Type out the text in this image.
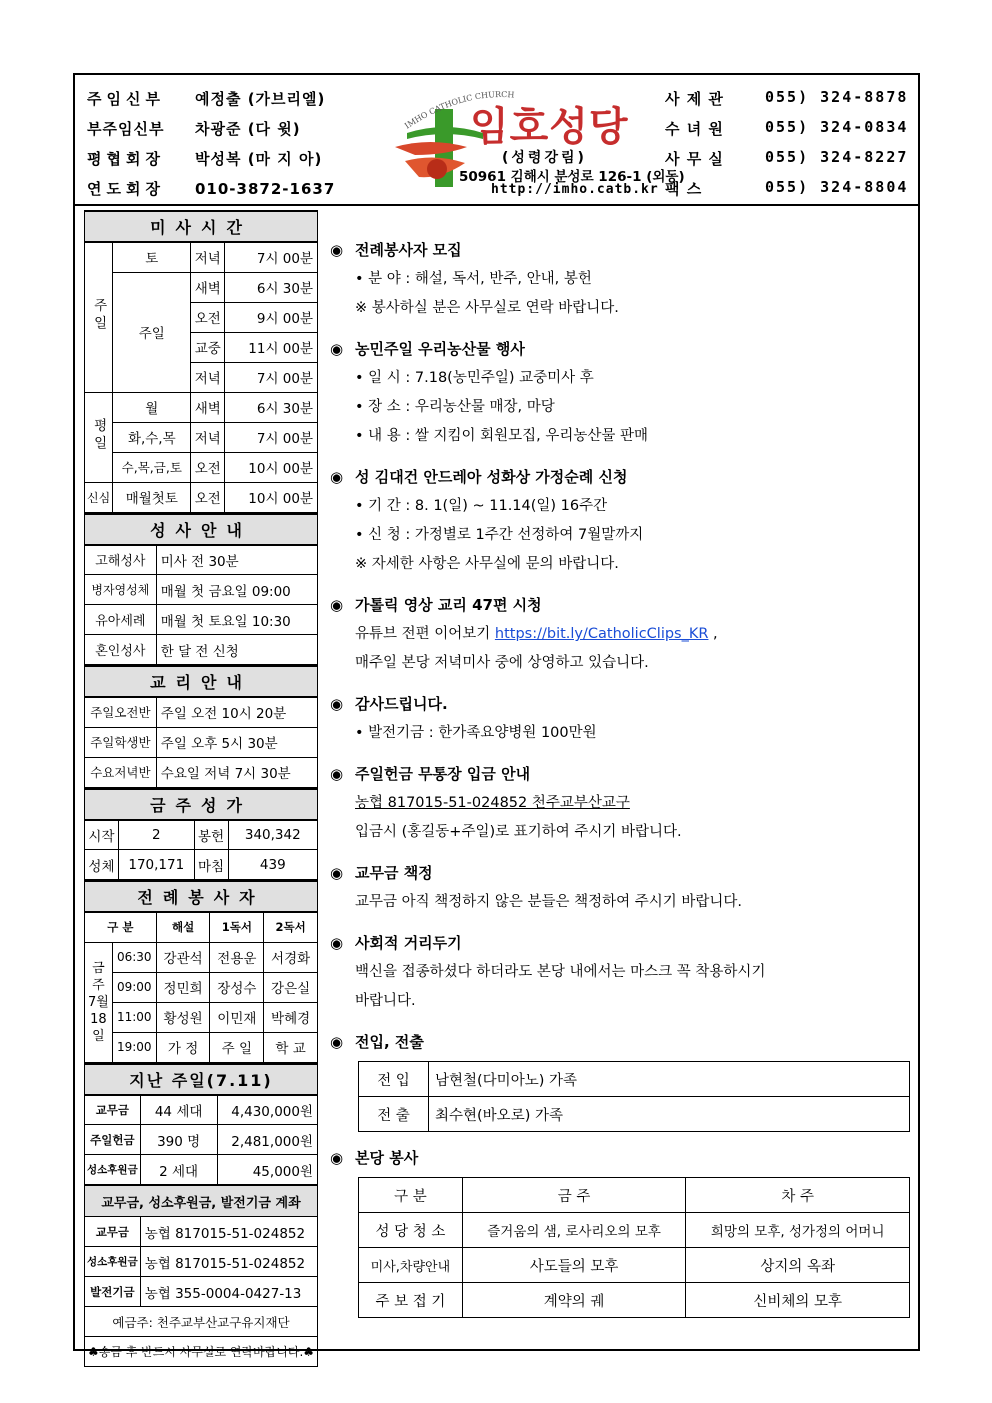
주임신부 예정출 (가브리엘)
부주임신부 차광준 (다 윗)
평협회장 박성복 (마 지 아)
연도회장 010-3872-1637
IMHO CATHOLIC CHURCH
임호성당
(성령강림)
50961 김해시 분성로 126-1 (외동)
http://imho.catb.kr
사 제 관	055) 324-8878
수 녀 원	055) 324-0834
사 무 실	055) 324-8227
팩 스	055) 324-8804
미사시간			
주일	토	저녁	7시 00분
	주일	새벽	6시 30분
		오전	9시 00분
		교중	11시 00분
		저녁	7시 00분
평일	월	새벽	6시 30분
	화,수,목	저녁	7시 00분
	수,목,금,토	오전	10시 00분
신심	매월첫토	오전	10시 00분
성사안내	
고해성사	미사 전 30분
병자영성체	매월 첫 금요일 09:00
유아세례	매월 첫 토요일 10:30
혼인성사	한 달 전 신청
교리안내	
주일오전반	주일 오전 10시 20분
주일학생반	주일 오후 5시 30분
수요저녁반	수요일 저녁 7시 30분
금주성가			
시작	2	봉헌	340,342
성체	170,171	마침	439
전례봉사자				
구 분		해설	1독서	2독서
금주 7월 18일	06:30	강관석	전용운	서경화
	09:00	정민희	장성수	강은실
	11:00	황성원	이민재	박혜경
	19:00	가 정	주 일	학 교
지난 주일(7.11)		
교무금	44 세대	4,430,000원
주일헌금	390 명	2,481,000원
성소후원금	2 세대	45,000원
교무금, 성소후원금, 발전기금 계좌	
교무금	농협 817015-51-024852
성소후원금	농협 817015-51-024852
발전기금	농협 355-0004-0427-13
예금주: 천주교부산교구유지재단	
♣송금 후 반드시 사무실로 연락바랍니다.♣	
◉ 전례봉사자 모집
• 분 야 : 해설, 독서, 반주, 안내, 봉헌
※ 봉사하실 분은 사무실로 연락 바랍니다.
◉ 농민주일 우리농산물 행사
• 일 시 : 7.18(농민주일) 교중미사 후
• 장 소 : 우리농산물 매장, 마당
• 내 용 : 쌀 지킴이 회원모집, 우리농산물 판매
◉ 성 김대건 안드레아 성화상 가정순례 신청
• 기 간 : 8. 1(일) ~ 11.14(일) 16주간
• 신 청 : 가정별로 1주간 선정하여 7월말까지
※ 자세한 사항은 사무실에 문의 바랍니다.
◉ 가톨릭 영상 교리 47편 시청
유튜브 전편 이어보기 https://bit.ly/CatholicClips_KR ,
매주일 본당 저녁미사 중에 상영하고 있습니다.
◉ 감사드립니다.
• 발전기금 : 한가족요양병원 100만원
◉ 주일헌금 무통장 입금 안내
농협 817015-51-024852 천주교부산교구
입금시 (홍길동+주일)로 표기하여 주시기 바랍니다.
◉ 교무금 책정
교무금 아직 책정하지 않은 분들은 책정하여 주시기 바랍니다.
◉ 사회적 거리두기
백신을 접종하셨다 하더라도 본당 내에서는 마스크 꼭 착용하시기
바랍니다.
◉ 전입, 전출
전 입	남현철(다미아노) 가족
전 출	최수현(바오로) 가족
◉ 본당 봉사
구 분	금 주	차 주
성 당 청 소	즐거움의 샘, 로사리오의 모후	희망의 모후, 성가정의 어머니
미사,차량안내	사도들의 모후	상지의 옥좌
주 보 접 기	계약의 궤	신비체의 모후
